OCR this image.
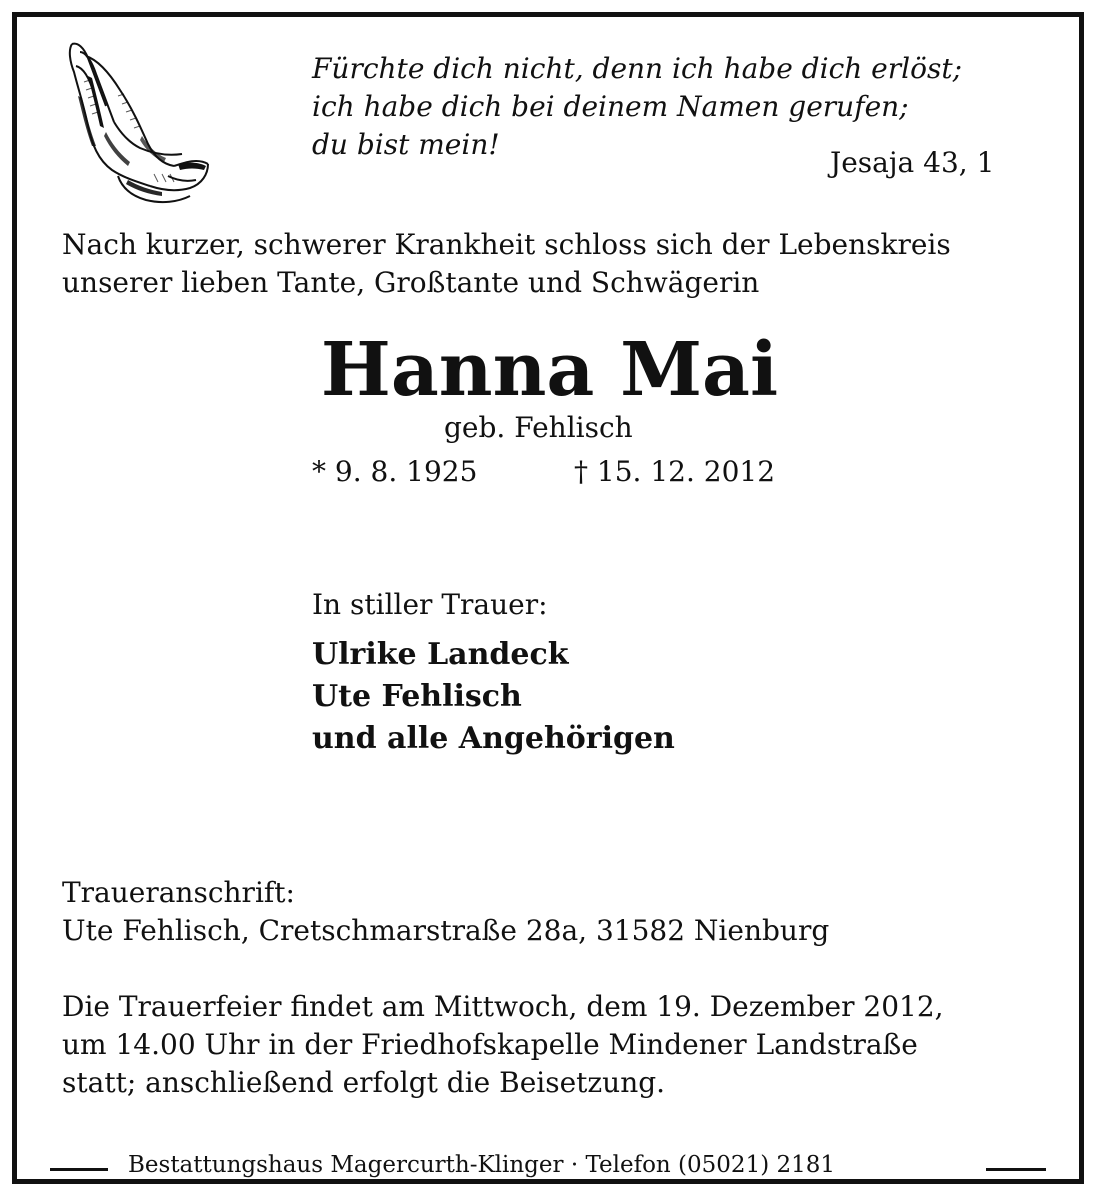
Fürchte dich nicht, denn ich habe dich erlöst;
ich habe dich bei deinem Namen gerufen;
du bist mein!
Jesaja 43, 1
Nach kurzer, schwerer Krankheit schloss sich der Lebenskreis
unserer lieben Tante, Großtante und Schwägerin
Hanna Mai
geb. Fehlisch
* 9. 8. 1925	† 15. 12. 2012
In stiller Trauer:
Ulrike Landeck
Ute Fehlisch
und alle Angehörigen
Traueranschrift:
Ute Fehlisch, Cretschmarstraße 28a, 31582 Nienburg
Die Trauerfeier findet am Mittwoch, dem 19. Dezember 2012,
um 14.00 Uhr in der Friedhofskapelle Mindener Landstraße
statt; anschließend erfolgt die Beisetzung.
Bestattungshaus Magercurth-Klinger · Telefon (05021) 2181
